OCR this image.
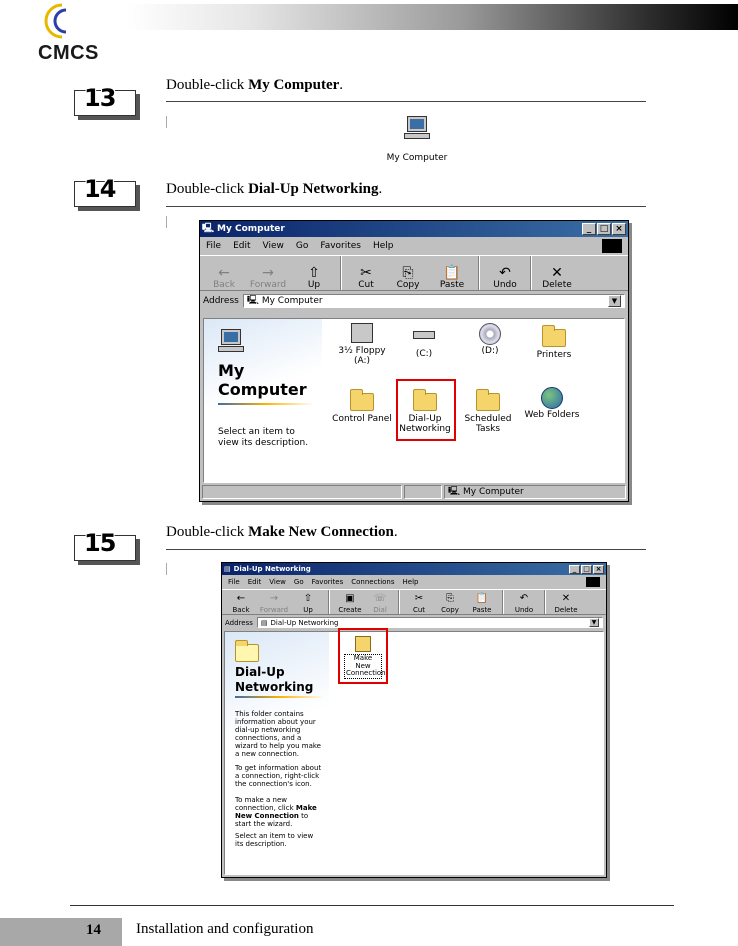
CMCS
13	Double-click My Computer.
My Computer
14	Double-click Dial-Up Networking.
🖳 My Computer	_ □ ×
File Edit View Go Favorites Help
←
Back
→
Forward
⇧
Up
✂
Cut
⎘
Copy
📋
Paste
↶
Undo
✕
Delete
Address 🖳 My Computer	▼
My
Computer
Select an item to view its description.
3½ Floppy (A:)
(C:)	(D:)	Printers
Control Panel	Dial-Up Networking
Scheduled Tasks
Web Folders
🖳 My Computer
15	Double-click Make New Connection.
▤ Dial-Up Networking	_ □ ×
File Edit View Go Favorites Connections Help
←
Back
→
Forward
⇧
Up
▣
Create
☏
Dial
✂
Cut
⎘
Copy
📋
Paste
↶
Undo
✕
Delete
Address ▤ Dial-Up Networking	▼
Dial-Up
Networking
This folder contains information about your dial-up networking connections, and a wizard to help you make a new connection.
To get information about a connection, right-click the connection's icon.
To make a new connection, click Make New Connection to start the wizard.
Select an item to view its description.
Make New Connection
14 Installation and configuration
